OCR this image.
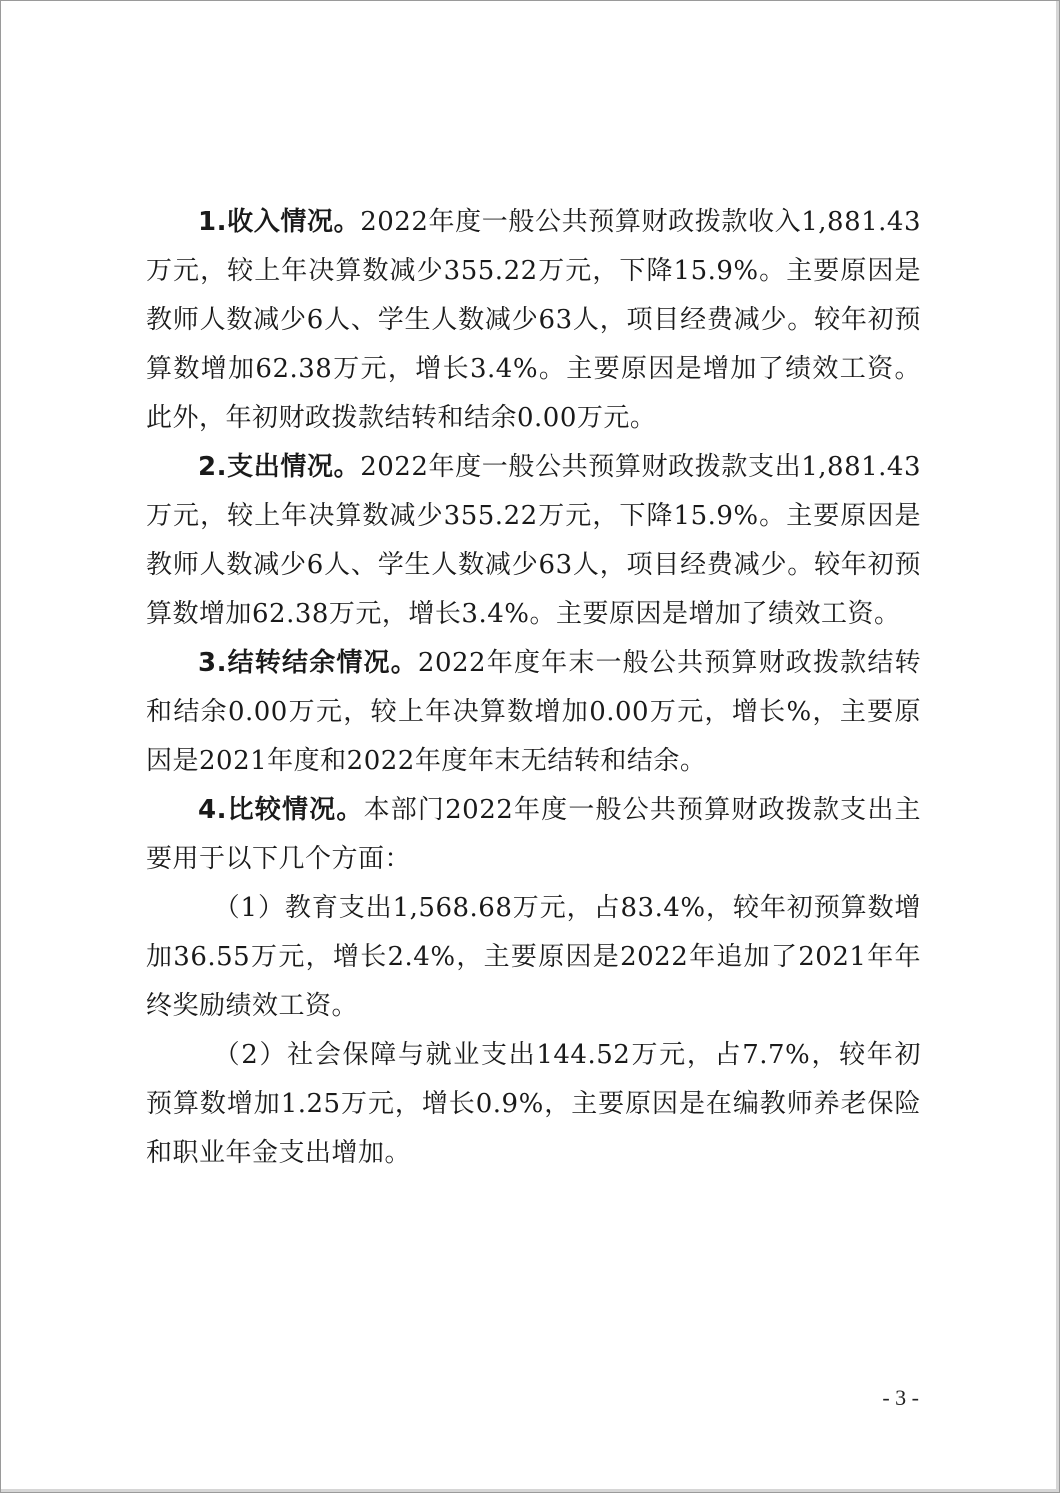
1.收入情况。2022年度一般公共预算财政拨款收入1,881.43万元，较上年决算数减少355.22万元，下降15.9%。主要原因是教师人数减少6人、学生人数减少63人，项目经费减少。较年初预算数增加62.38万元，增长3.4%。主要原因是增加了绩效工资。此外，年初财政拨款结转和结余0.00万元。

2.支出情况。2022年度一般公共预算财政拨款支出1,881.43万元，较上年决算数减少355.22万元，下降15.9%。主要原因是教师人数减少6人、学生人数减少63人，项目经费减少。较年初预算数增加62.38万元，增长3.4%。主要原因是增加了绩效工资。

3.结转结余情况。2022年度年末一般公共预算财政拨款结转和结余0.00万元，较上年决算数增加0.00万元，增长%，主要原因是2021年度和2022年度年末无结转和结余。

4.比较情况。本部门2022年度一般公共预算财政拨款支出主要用于以下几个方面：

（1）教育支出1,568.68万元，占83.4%，较年初预算数增加36.55万元，增长2.4%，主要原因是2022年追加了2021年年终奖励绩效工资。

（2）社会保障与就业支出144.52万元，占7.7%，较年初预算数增加1.25万元，增长0.9%，主要原因是在编教师养老保险和职业年金支出增加。

- 3 -
